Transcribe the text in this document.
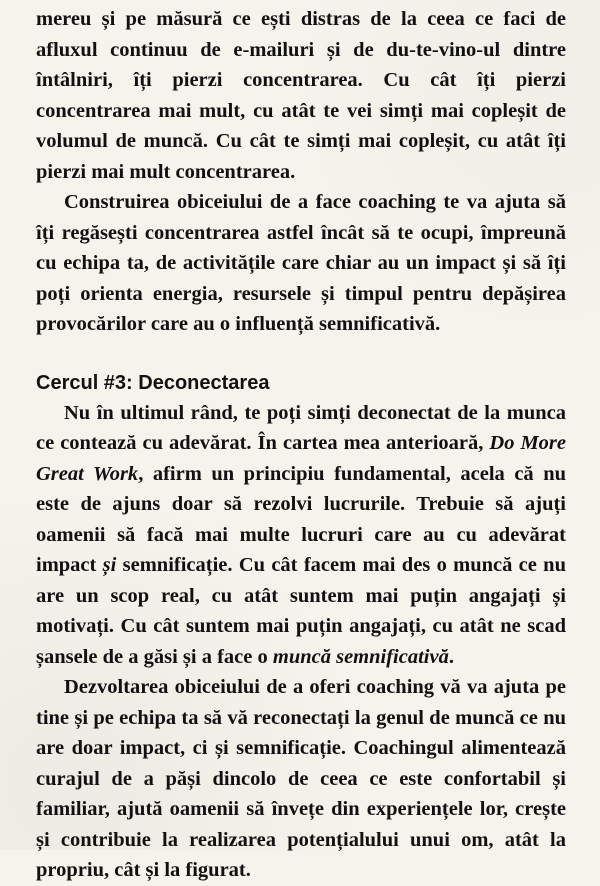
mereu și pe măsură ce ești distras de la ceea ce faci de afluxul continuu de e-mailuri și de du-te-vino-ul dintre întâlniri, îți pierzi concentrarea. Cu cât îți pierzi concentrarea mai mult, cu atât te vei simți mai copleșit de volumul de muncă. Cu cât te simți mai copleșit, cu atât îți pierzi mai mult concentrarea.

Construirea obiceiului de a face coaching te va ajuta să îți regăsești concentrarea astfel încât să te ocupi, împreună cu echipa ta, de activitățile care chiar au un impact și să îți poți orienta energia, resursele și timpul pentru depășirea provocărilor care au o influență semnificativă.

Cercul #3: Deconectarea

Nu în ultimul rând, te poți simți deconectat de la munca ce contează cu adevărat. În cartea mea anterioară, Do More Great Work, afirm un principiu fundamental, acela că nu este de ajuns doar să rezolvi lucrurile. Trebuie să ajuți oamenii să facă mai multe lucruri care au cu adevărat impact și semnificație. Cu cât facem mai des o muncă ce nu are un scop real, cu atât suntem mai puțin angajați și motivați. Cu cât suntem mai puțin angajați, cu atât ne scad șansele de a găsi și a face o muncă semnificativă.

Dezvoltarea obiceiului de a oferi coaching vă va ajuta pe tine și pe echipa ta să vă reconectați la genul de muncă ce nu are doar impact, ci și semnificație. Coachingul alimentează curajul de a păși dincolo de ceea ce este confortabil și familiar, ajută oamenii să învețe din experiențele lor, crește și contribuie la realizarea potențialului unui om, atât la propriu, cât și la figurat.
